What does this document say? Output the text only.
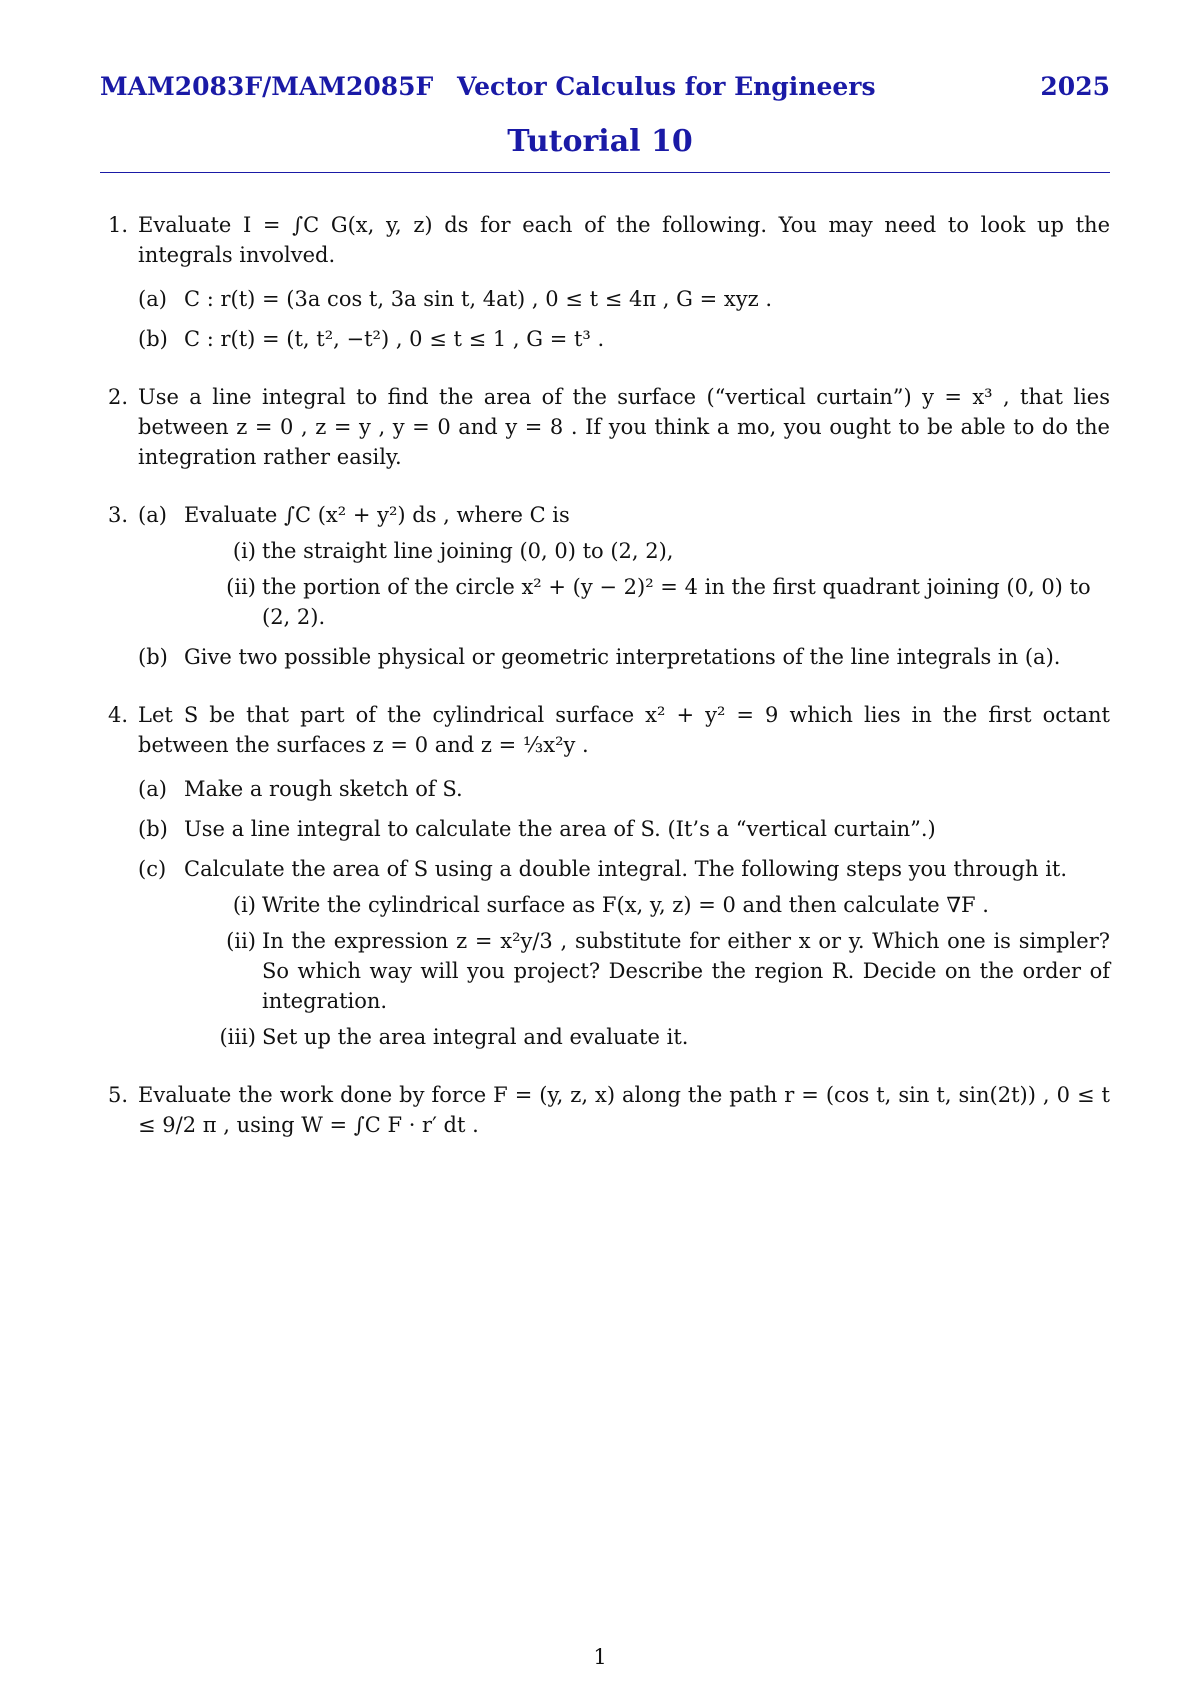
MAM2083F/MAM2085F Vector Calculus for Engineers	2025
Tutorial 10
1. Evaluate I = ∫C G(x, y, z) ds for each of the following. You may need to look up the integrals involved.
(a) C : r(t) = (3a cos t, 3a sin t, 4at) , 0 ≤ t ≤ 4π , G = xyz .
(b) C : r(t) = (t, t², −t²) , 0 ≤ t ≤ 1 , G = t³ .
2. Use a line integral to find the area of the surface (“vertical curtain”) y = x³ , that lies between z = 0 , z = y , y = 0 and y = 8 . If you think a mo, you ought to be able to do the integration rather easily.
3. (a) Evaluate ∫C (x² + y²) ds , where C is
(i) the straight line joining (0, 0) to (2, 2),
(ii) the portion of the circle x² + (y − 2)² = 4 in the first quadrant joining (0, 0) to (2, 2).
(b) Give two possible physical or geometric interpretations of the line integrals in (a).
4. Let S be that part of the cylindrical surface x² + y² = 9 which lies in the first octant between the surfaces z = 0 and z = ⅓x²y .
(a) Make a rough sketch of S.
(b) Use a line integral to calculate the area of S. (It’s a “vertical curtain”.)
(c) Calculate the area of S using a double integral. The following steps you through it.
(i) Write the cylindrical surface as F(x, y, z) = 0 and then calculate ∇F .
(ii) In the expression z = x²y/3 , substitute for either x or y. Which one is simpler? So which way will you project? Describe the region R. Decide on the order of integration.
(iii) Set up the area integral and evaluate it.
5. Evaluate the work done by force F = (y, z, x) along the path r = (cos t, sin t, sin(2t)) , 0 ≤ t ≤ 9/2 π , using W = ∫C F · r′ dt .
1
